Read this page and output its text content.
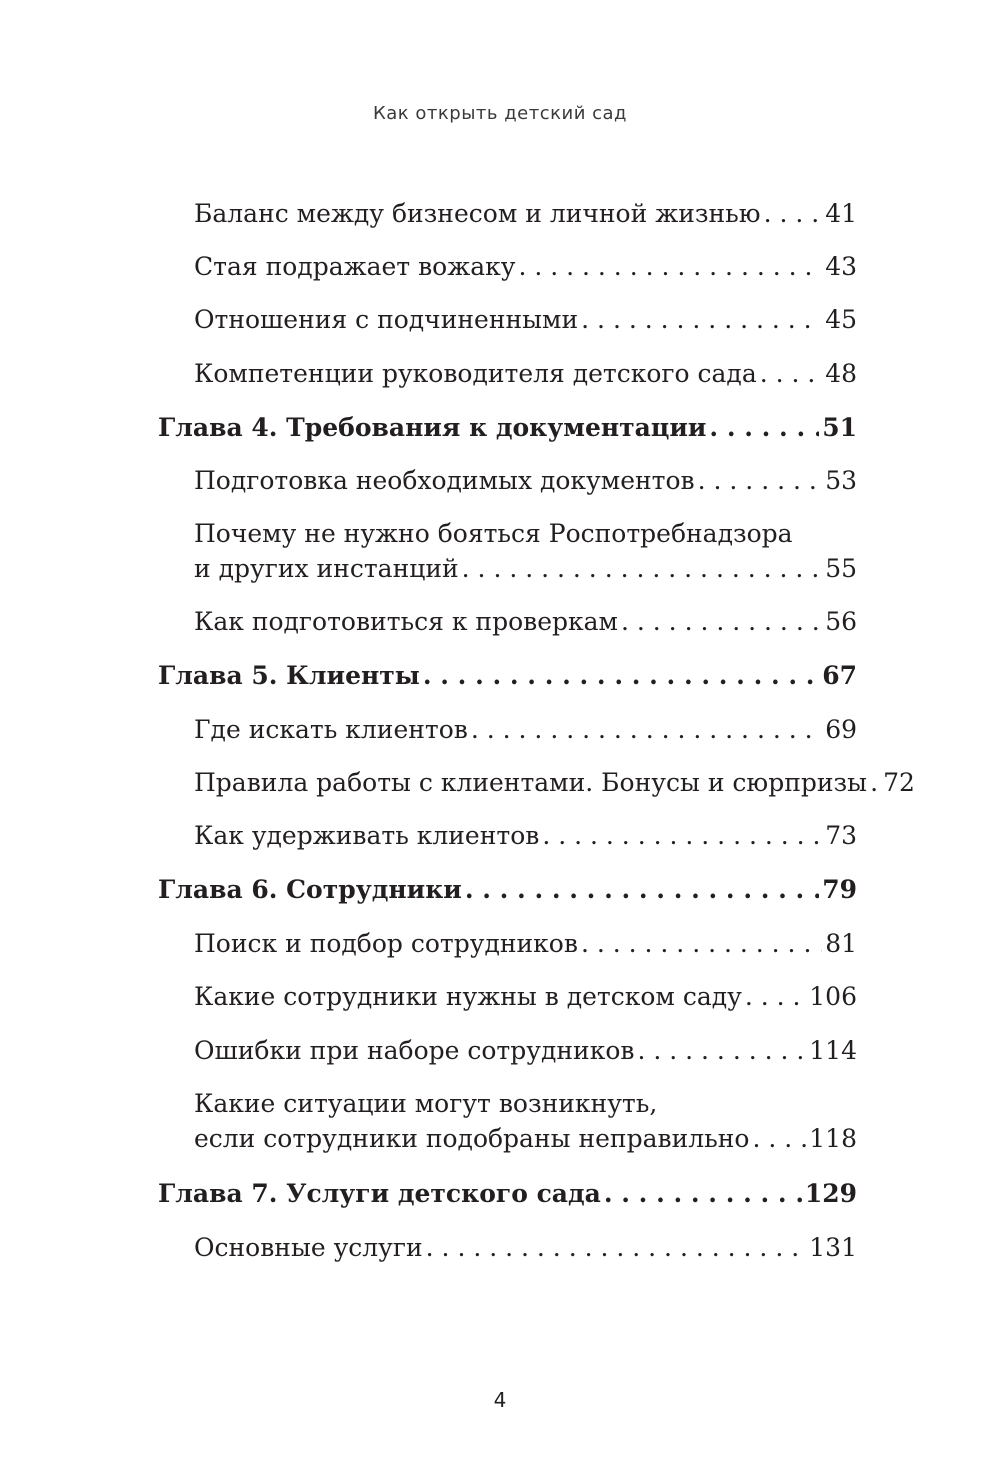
Как открыть детский сад
Баланс между бизнесом и личной жизнью . . .	41
Стая подражает вожаку . . .	43
Отношения с подчиненными . . .	45
Компетенции руководителя детского сада . . .	48
Глава 4. Требования к документации . . .	51
Подготовка необходимых документов . . .	53
Почему не нужно бояться Роспотребнадзора
и других инстанций . . .	55
Как подготовиться к проверкам . . .	56
Глава 5. Клиенты . . .	67
Где искать клиентов . . .	69
Правила работы с клиентами. Бонусы и сюрпризы . . . 72
Как удерживать клиентов . . .	73
Глава 6. Сотрудники . . .	79
Поиск и подбор сотрудников . . .	81
Какие сотрудники нужны в детском саду . . .	106
Ошибки при наборе сотрудников . . .	114
Какие ситуации могут возникнуть,
если сотрудники подобраны неправильно . . . 118
Глава 7. Услуги детского сада . . .	129
Основные услуги . . .	131
4
